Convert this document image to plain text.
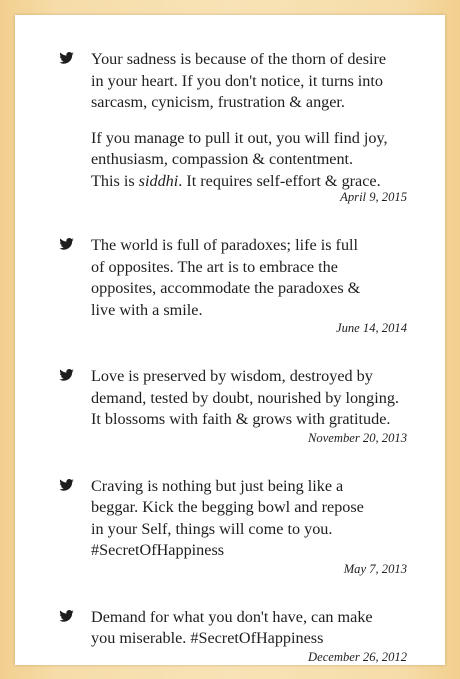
Your sadness is because of the thorn of desire
in your heart. If you don't notice, it turns into
sarcasm, cynicism, frustration & anger.

If you manage to pull it out, you will find joy,
enthusiasm, compassion & contentment.
This is siddhi. It requires self-effort & grace.

April 9, 2015

The world is full of paradoxes; life is full
of opposites. The art is to embrace the
opposites, accommodate the paradoxes &
live with a smile.

June 14, 2014

Love is preserved by wisdom, destroyed by
demand, tested by doubt, nourished by longing.
It blossoms with faith & grows with gratitude.

November 20, 2013

Craving is nothing but just being like a
beggar. Kick the begging bowl and repose
in your Self, things will come to you.
#SecretOfHappiness

May 7, 2013

Demand for what you don't have, can make
you miserable. #SecretOfHappiness

December 26, 2012
